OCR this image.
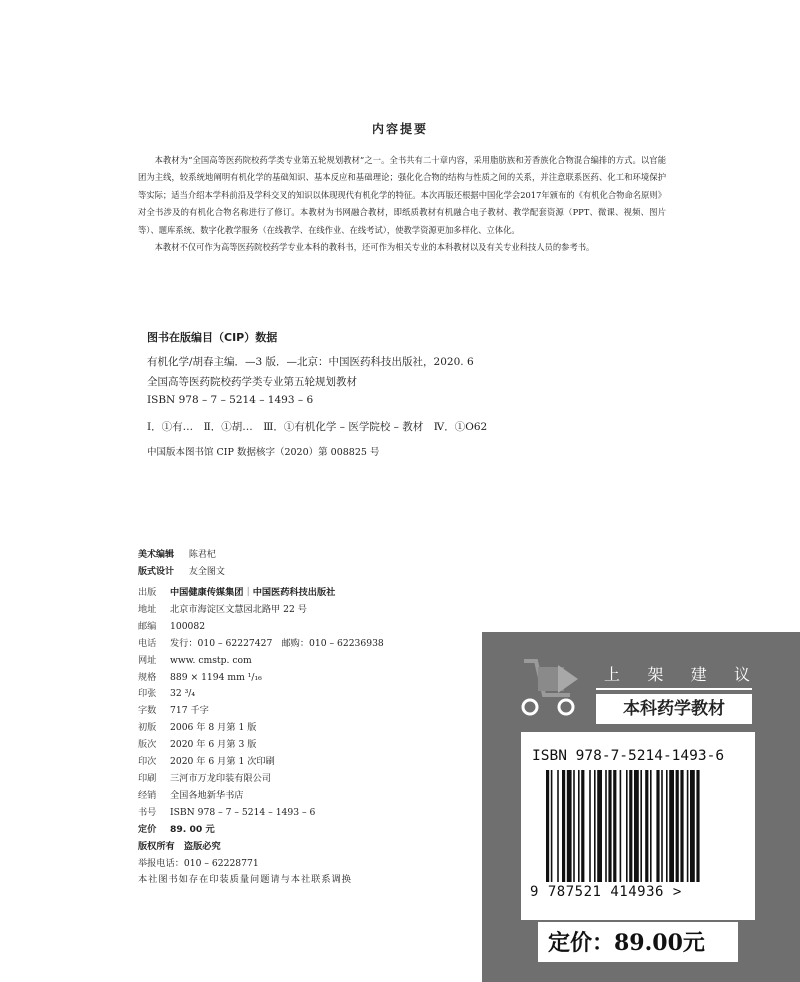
内容提要

本教材为“全国高等医药院校药学类专业第五轮规划教材”之一。全书共有二十章内容，采用脂肪族和芳香族化合物混合编排的方式。以官能团为主线，较系统地阐明有机化学的基础知识、基本反应和基础理论；强化化合物的结构与性质之间的关系，并注意联系医药、化工和环境保护等实际；适当介绍本学科前沿及学科交叉的知识以体现现代有机化学的特征。本次再版还根据中国化学会2017年颁布的《有机化合物命名原则》对全书涉及的有机化合物名称进行了修订。本教材为书网融合教材，即纸质教材有机融合电子教材、教学配套资源（PPT、微课、视频、图片等）、题库系统、数字化教学服务（在线教学、在线作业、在线考试），使教学资源更加多样化、立体化。

本教材不仅可作为高等医药院校药学专业本科的教科书，还可作为相关专业的本科教材以及有关专业科技人员的参考书。

图书在版编目（CIP）数据
有机化学/胡春主编．—3 版．—北京：中国医药科技出版社，2020. 6
全国高等医药院校药学类专业第五轮规划教材
ISBN 978 – 7 – 5214 – 1493 – 6
Ⅰ．①有…　Ⅱ．①胡…　Ⅲ．①有机化学 – 医学院校 – 教材　Ⅳ．①O62
中国版本图书馆 CIP 数据核字（2020）第 008825 号
美术编辑 陈君杞
版式设计 友全图文
出版	中国健康传媒集团 ｜ 中国医药科技出版社
地址	北京市海淀区文慧园北路甲 22 号
邮编	100082
电话	发行：010 – 62227427　邮购：010 – 62236938
网址	www. cmstp. com
规格	889 × 1194 mm ¹/₁₆
印张	32 ³/₄
字数	717 千字
初版	2006 年 8 月第 1 版
版次	2020 年 6 月第 3 版
印次	2020 年 6 月第 1 次印刷
印刷	三河市万龙印装有限公司
经销	全国各地新华书店
书号	ISBN 978 – 7 – 5214 – 1493 – 6
定价	89. 00 元
版权所有　盗版必究
举报电话：010 – 62228771
本社图书如存在印装质量问题请与本社联系调换
上 架 建 议
本科药学教材
ISBN 978-7-5214-1493-6
9 787521 414936 >
定价：89.00元
